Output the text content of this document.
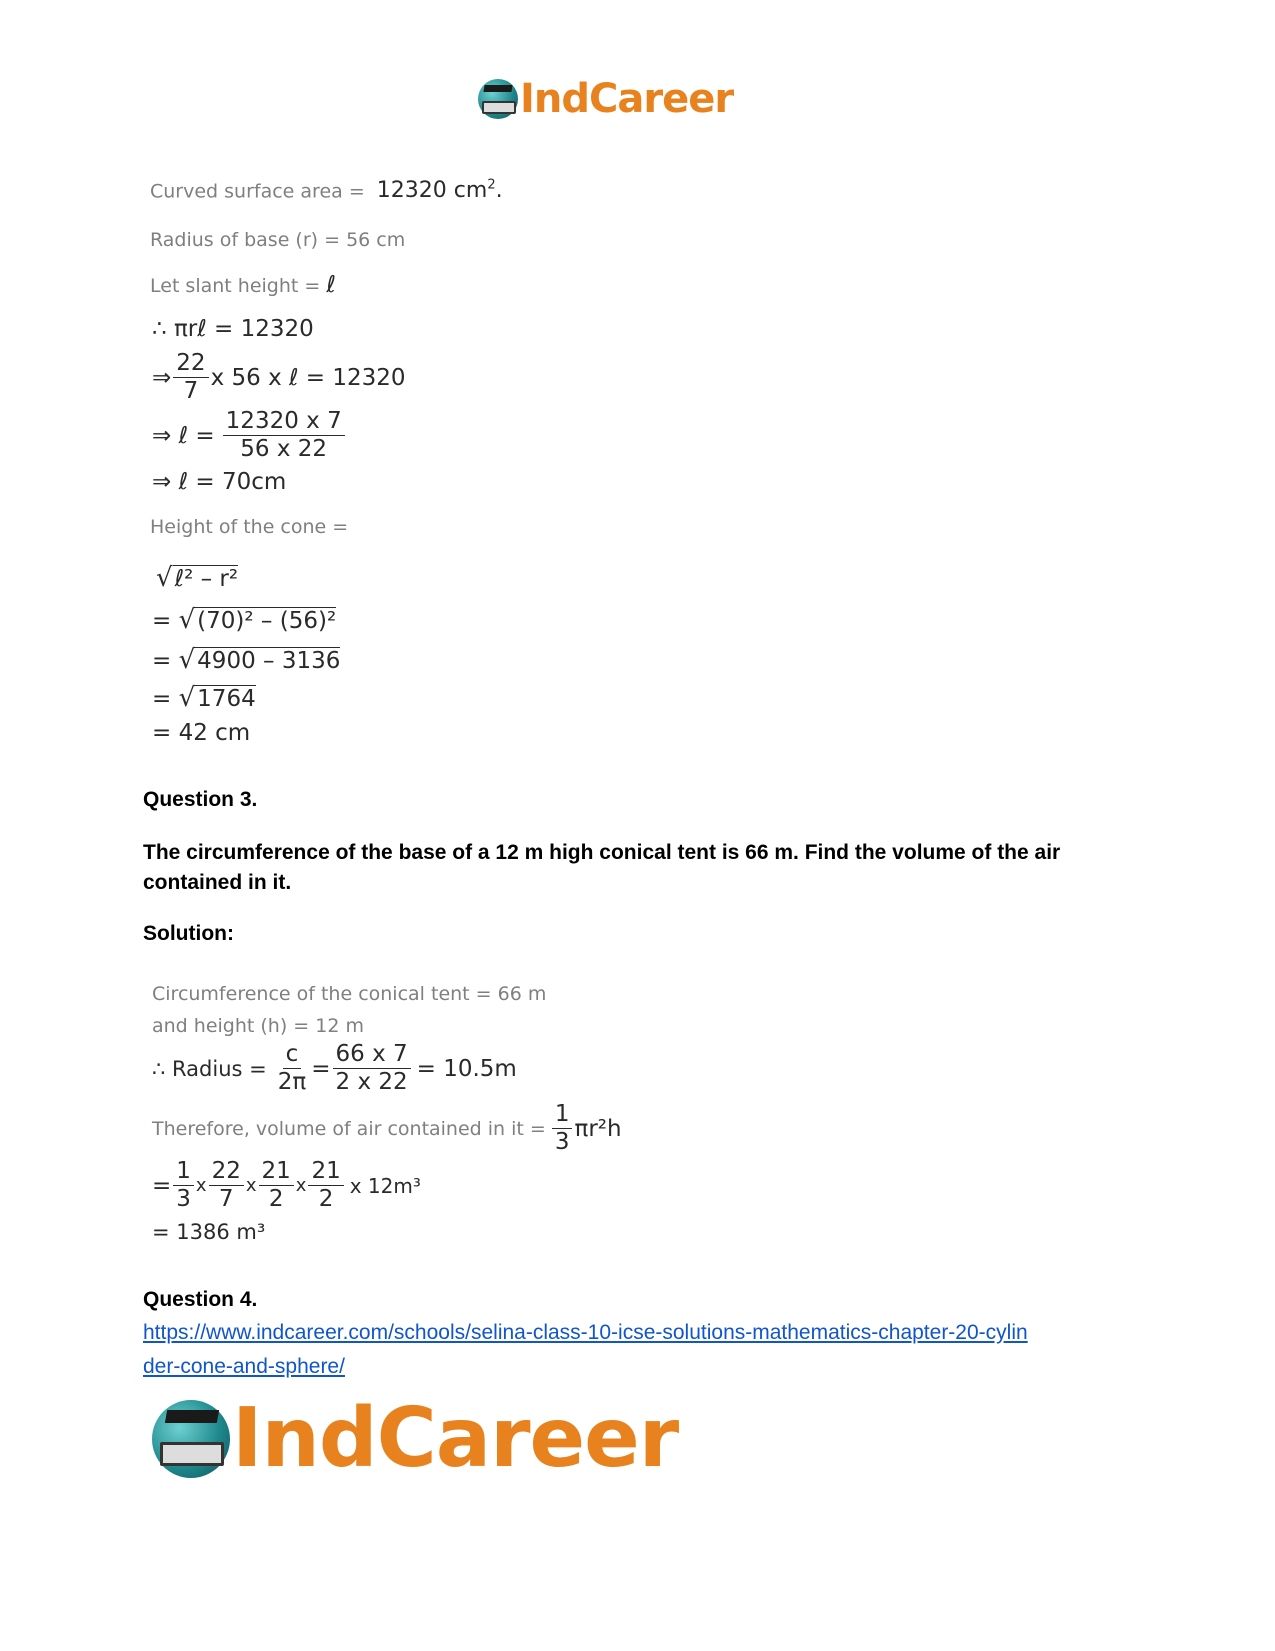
IndCareer
Curved surface area = 12320 $cm^2$.
Radius of base (r) = 56 cm
Let slant height = ℓ
∴ πrℓ = 12320
⇒ $\frac{22}{7}$ x 56 x ℓ = 12320
⇒ ℓ = $\frac{12320 x 7}{56 x 22}$
⇒ ℓ = 70cm
Height of the cone =
√ℓ² – r²
= √(70)² – (56)²
= √4900 – 3136
= √1764
= 42 cm
Question 3.
The circumference of the base of a 12 m high conical tent is 66 m. Find the volume of the air contained in it.
Solution:
Circumference of the conical tent = 66 m
and height (h) = 12 m
∴ Radius = $\frac{c}{2\pi} = \frac{66 x 7}{2 x 22} = 10.5m$
Therefore, volume of air contained in it = $\frac{1}{3} \pi r^2h$
= $\frac{1}{3}$ x $\frac{22}{7}$ x $\frac{21}{2}$ x $\frac{21}{2}$ x 12m³
= 1386 m³
Question 4.
https://www.indcareer.com/schools/selina-class-10-icse-solutions-mathematics-chapter-20-cylin
der-cone-and-sphere/
IndCareer
